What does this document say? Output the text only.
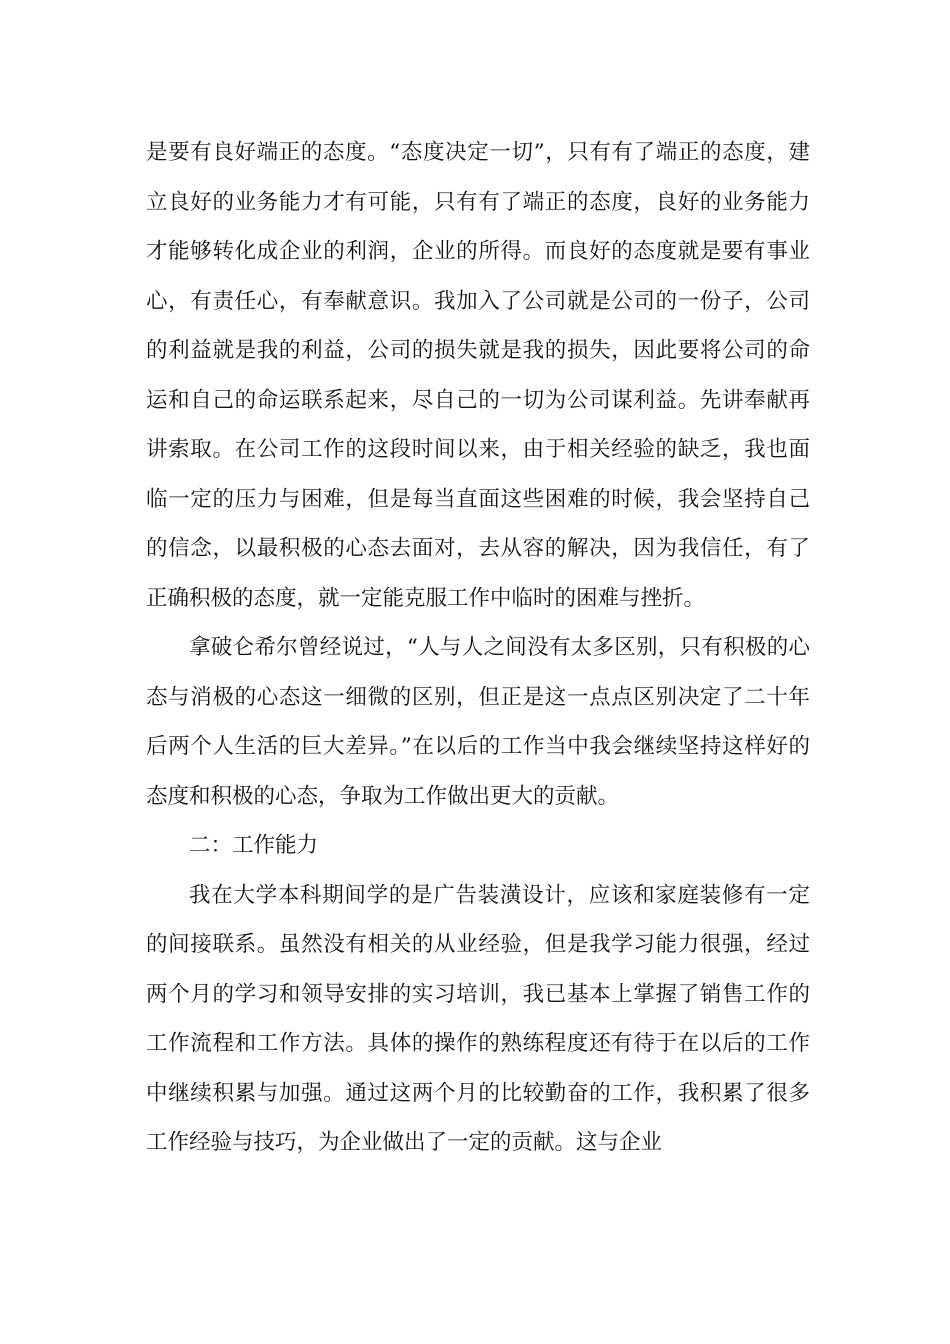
是要有良好端正的态度。“态度决定一切”，只有有了端正的态度，建立良好的业务能力才有可能，只有有了端正的态度，良好的业务能力才能够转化成企业的利润，企业的所得。而良好的态度就是要有事业心，有责任心，有奉献意识。我加入了公司就是公司的一份子，公司的利益就是我的利益，公司的损失就是我的损失，因此要将公司的命运和自己的命运联系起来，尽自己的一切为公司谋利益。先讲奉献再讲索取。在公司工作的这段时间以来，由于相关经验的缺乏，我也面临一定的压力与困难，但是每当直面这些困难的时候，我会坚持自己的信念，以最积极的心态去面对，去从容的解决，因为我信任，有了正确积极的态度，就一定能克服工作中临时的困难与挫折。

拿破仑希尔曾经说过，“人与人之间没有太多区别，只有积极的心态与消极的心态这一细微的区别，但正是这一点点区别决定了二十年后两个人生活的巨大差异。”在以后的工作当中我会继续坚持这样好的态度和积极的心态，争取为工作做出更大的贡献。

二：工作能力

我在大学本科期间学的是广告装潢设计，应该和家庭装修有一定的间接联系。虽然没有相关的从业经验，但是我学习能力很强，经过两个月的学习和领导安排的实习培训，我已基本上掌握了销售工作的工作流程和工作方法。具体的操作的熟练程度还有待于在以后的工作中继续积累与加强。通过这两个月的比较勤奋的工作，我积累了很多工作经验与技巧，为企业做出了一定的贡献。这与企业
